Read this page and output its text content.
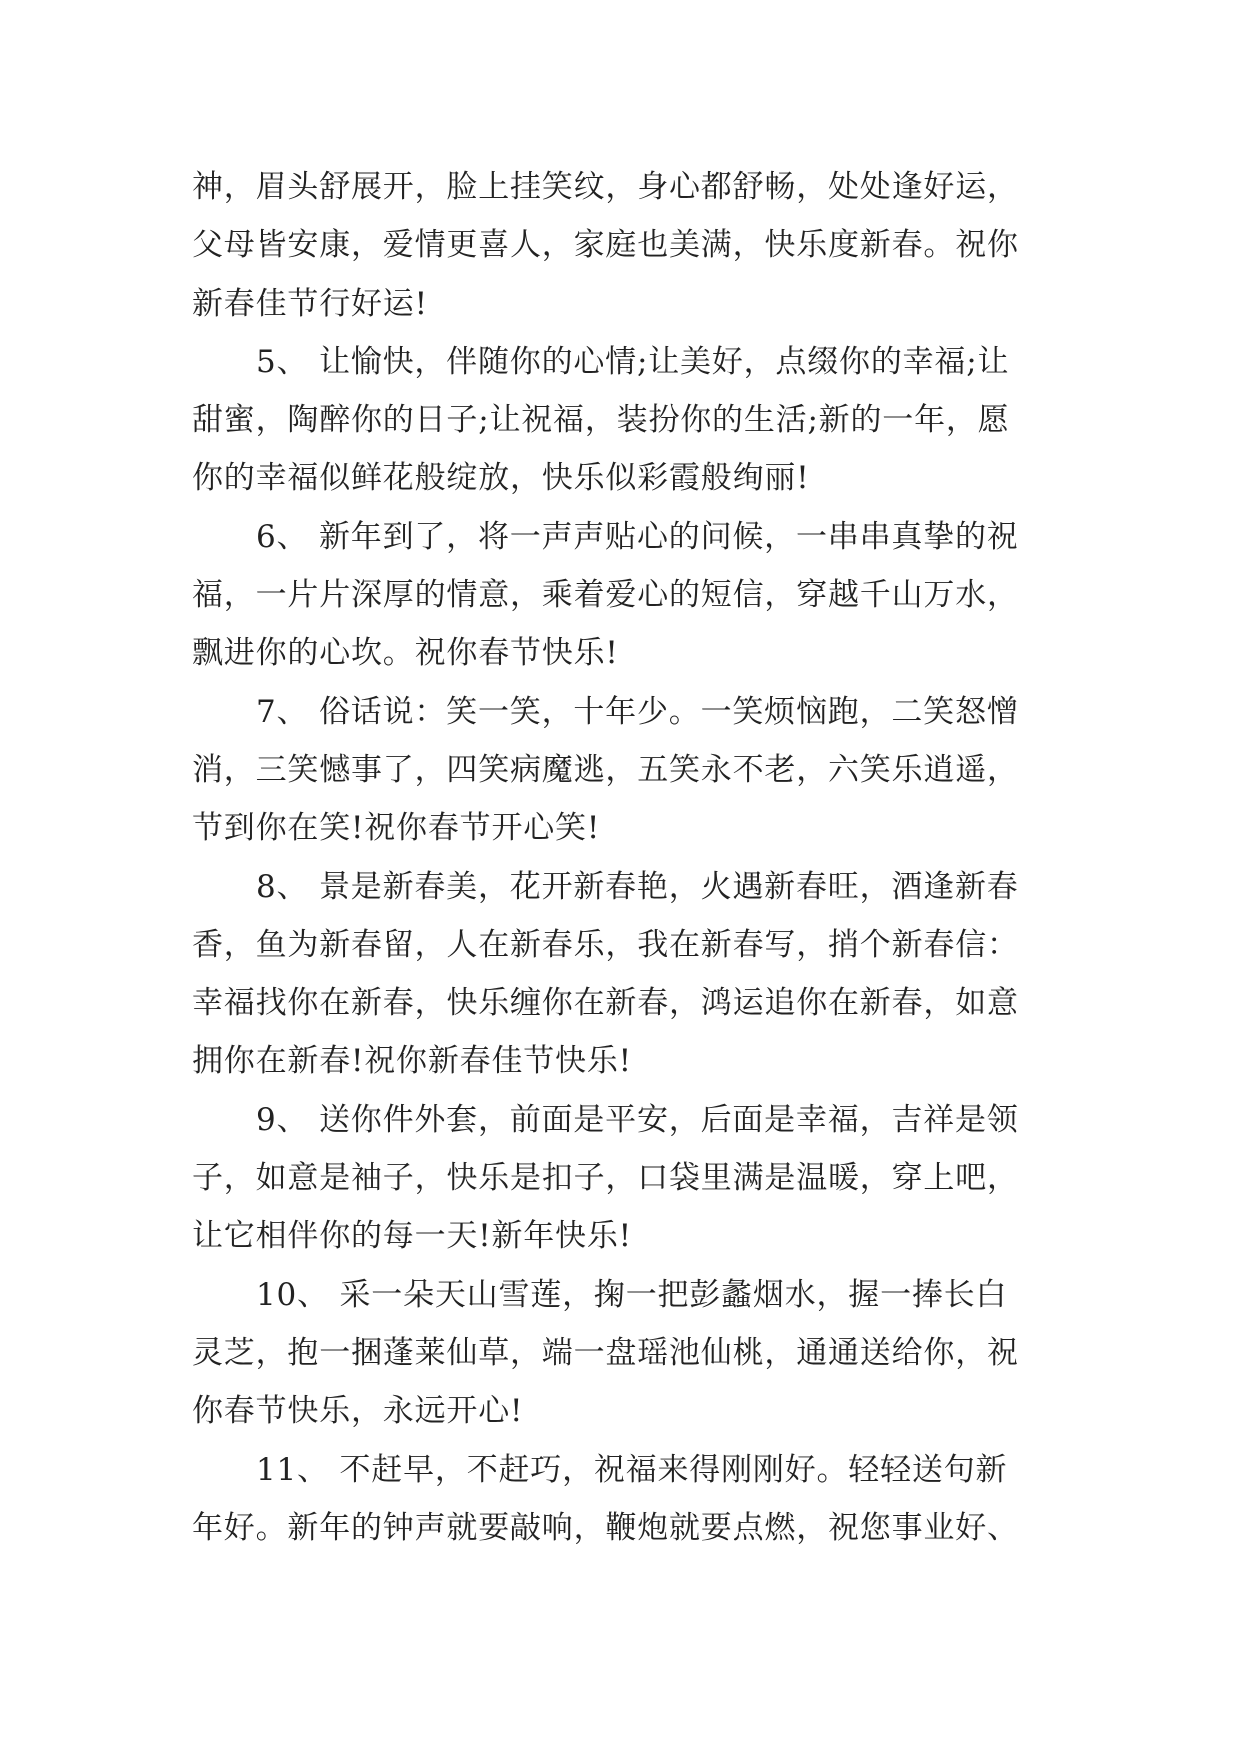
神，眉头舒展开，脸上挂笑纹，身心都舒畅，处处逢好运，
父母皆安康，爱情更喜人，家庭也美满，快乐度新春。祝你
新春佳节行好运!
5、 让愉快，伴随你的心情;让美好，点缀你的幸福;让
甜蜜，陶醉你的日子;让祝福，装扮你的生活;新的一年，愿
你的幸福似鲜花般绽放，快乐似彩霞般绚丽!
6、 新年到了，将一声声贴心的问候，一串串真挚的祝
福，一片片深厚的情意，乘着爱心的短信，穿越千山万水，
飘进你的心坎。祝你春节快乐!
7、 俗话说：笑一笑，十年少。一笑烦恼跑，二笑怒憎
消，三笑憾事了，四笑病魔逃，五笑永不老，六笑乐逍遥，
节到你在笑!祝你春节开心笑!
8、 景是新春美，花开新春艳，火遇新春旺，酒逢新春
香，鱼为新春留，人在新春乐，我在新春写，捎个新春信：
幸福找你在新春，快乐缠你在新春，鸿运追你在新春，如意
拥你在新春!祝你新春佳节快乐!
9、 送你件外套，前面是平安，后面是幸福，吉祥是领
子，如意是袖子，快乐是扣子，口袋里满是温暖，穿上吧，
让它相伴你的每一天!新年快乐!
10、 采一朵天山雪莲，掬一把彭蠡烟水，握一捧长白
灵芝，抱一捆蓬莱仙草，端一盘瑶池仙桃，通通送给你，祝
你春节快乐，永远开心!
11、 不赶早，不赶巧，祝福来得刚刚好。轻轻送句新
年好。新年的钟声就要敲响，鞭炮就要点燃，祝您事业好、
